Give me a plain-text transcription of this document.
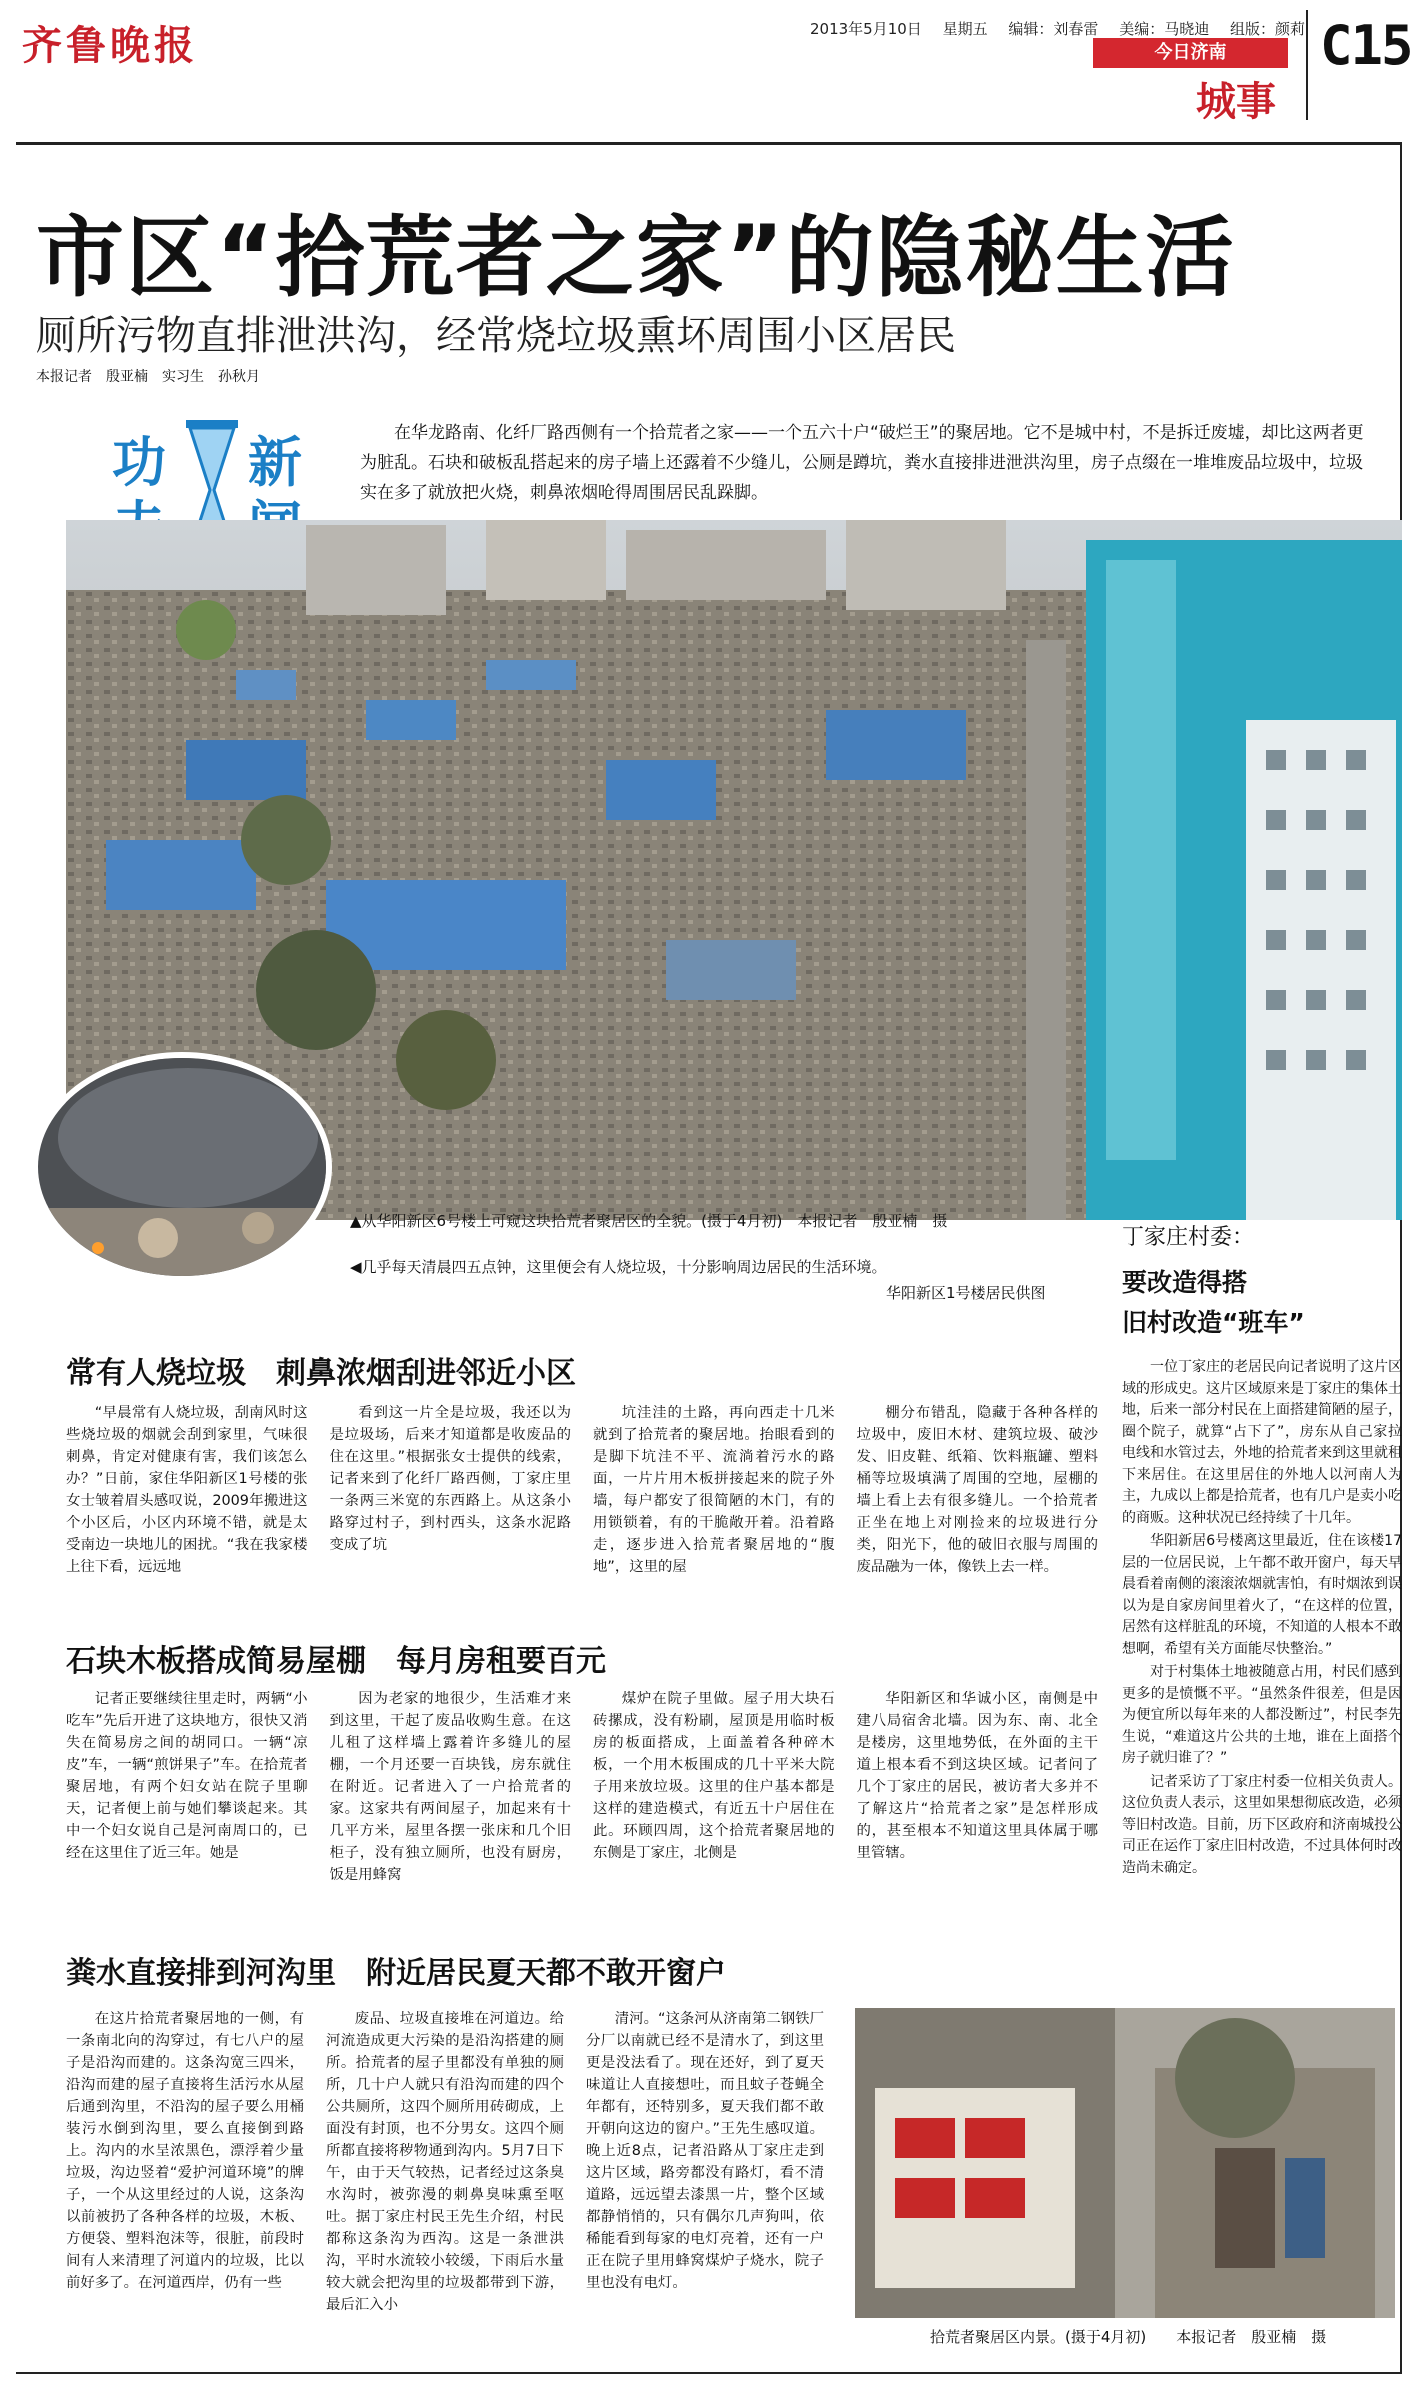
齐鲁晚报	2013年5月10日 星期五 编辑：刘春雷 美编：马晓迪 组版：颜莉
今日济南
城事
C15
市区“拾荒者之家”的隐秘生活
厕所污物直排泄洪沟，经常烧垃圾熏坏周围小区居民
本报记者　殷亚楠　实习生　孙秋月
功 新	在华龙路南、化纤厂路西侧有一个拾荒者之家——一个五六十户“破烂王”的聚居地。它不是城中村，不是拆迁废墟，却比这两者更为脏乱。石块和破板乱搭起来的房子墙上还露着不少缝儿，公厕是蹲坑，粪水直接排进泄洪沟里，房子点缀在一堆堆废品垃圾中，垃圾实在多了就放把火烧，刺鼻浓烟呛得周围居民乱跺脚。
▲从华阳新区6号楼上可窥这块拾荒者聚居区的全貌。(摄于4月初)　本报记者　殷亚楠　摄
◀几乎每天清晨四五点钟，这里便会有人烧垃圾，十分影响周边居民的生活环境。
华阳新区1号楼居民供图
丁家庄村委：
要改造得搭
旧村改造“班车”

一位丁家庄的老居民向记者说明了这片区域的形成史。这片区域原来是丁家庄的集体土地，后来一部分村民在上面搭建简陋的屋子，圈个院子，就算“占下了”，房东从自己家拉电线和水管过去，外地的拾荒者来到这里就租下来居住。在这里居住的外地人以河南人为主，九成以上都是拾荒者，也有几户是卖小吃的商贩。这种状况已经持续了十几年。

华阳新居6号楼离这里最近，住在该楼17层的一位居民说，上午都不敢开窗户，每天早晨看着南侧的滚滚浓烟就害怕，有时烟浓到误以为是自家房间里着火了，“在这样的位置，居然有这样脏乱的环境，不知道的人根本不敢想啊，希望有关方面能尽快整治。”

对于村集体土地被随意占用，村民们感到更多的是愤慨不平。“虽然条件很差，但是因为便宜所以每年来的人都没断过”，村民李先生说，“难道这片公共的土地，谁在上面搭个房子就归谁了？”

记者采访了丁家庄村委一位相关负责人。这位负责人表示，这里如果想彻底改造，必须等旧村改造。目前，历下区政府和济南城投公司正在运作丁家庄旧村改造，不过具体何时改造尚未确定。

常有人烧垃圾　刺鼻浓烟刮进邻近小区

“早晨常有人烧垃圾，刮南风时这些烧垃圾的烟就会刮到家里，气味很刺鼻，肯定对健康有害，我们该怎么办？”日前，家住华阳新区1号楼的张女士皱着眉头感叹说，2009年搬进这个小区后，小区内环境不错，就是太受南边一块地儿的困扰。“我在我家楼上往下看，远远地

看到这一片全是垃圾，我还以为是垃圾场，后来才知道都是收废品的住在这里。”根据张女士提供的线索，记者来到了化纤厂路西侧，丁家庄里一条两三米宽的东西路上。从这条小路穿过村子，到村西头，这条水泥路变成了坑

坑洼洼的土路，再向西走十几米就到了拾荒者的聚居地。抬眼看到的是脚下坑洼不平、流淌着污水的路面，一片片用木板拼接起来的院子外墙，每户都安了很简陋的木门，有的用锁锁着，有的干脆敞开着。沿着路走，逐步进入拾荒者聚居地的“腹地”，这里的屋

棚分布错乱，隐藏于各种各样的垃圾中，废旧木材、建筑垃圾、破沙发、旧皮鞋、纸箱、饮料瓶罐、塑料桶等垃圾填满了周围的空地，屋棚的墙上看上去有很多缝儿。一个拾荒者正坐在地上对刚捡来的垃圾进行分类，阳光下，他的破旧衣服与周围的废品融为一体，像铁上去一样。

石块木板搭成简易屋棚　每月房租要百元

记者正要继续往里走时，两辆“小吃车”先后开进了这块地方，很快又消失在简易房之间的胡同口。一辆“凉皮”车，一辆“煎饼果子”车。在拾荒者聚居地，有两个妇女站在院子里聊天，记者便上前与她们攀谈起来。其中一个妇女说自己是河南周口的，已经在这里住了近三年。她是

因为老家的地很少，生活难才来到这里，干起了废品收购生意。在这儿租了这样墙上露着许多缝儿的屋棚，一个月还要一百块钱，房东就住在附近。记者进入了一户拾荒者的家。这家共有两间屋子，加起来有十几平方米，屋里各摆一张床和几个旧柜子，没有独立厕所，也没有厨房，饭是用蜂窝

煤炉在院子里做。屋子用大块石砖摞成，没有粉刷，屋顶是用临时板房的板面搭成，上面盖着各种碎木板，一个用木板围成的几十平米大院子用来放垃圾。这里的住户基本都是这样的建造模式，有近五十户居住在此。环顾四周，这个拾荒者聚居地的东侧是丁家庄，北侧是

华阳新区和华诚小区，南侧是中建八局宿舍北墙。因为东、南、北全是楼房，这里地势低，在外面的主干道上根本看不到这块区域。记者问了几个丁家庄的居民，被访者大多并不了解这片“拾荒者之家”是怎样形成的，甚至根本不知道这里具体属于哪里管辖。

粪水直接排到河沟里　附近居民夏天都不敢开窗户

在这片拾荒者聚居地的一侧，有一条南北向的沟穿过，有七八户的屋子是沿沟而建的。这条沟宽三四米，沿沟而建的屋子直接将生活污水从屋后通到沟里，不沿沟的屋子要么用桶装污水倒到沟里，要么直接倒到路上。沟内的水呈浓黑色，漂浮着少量垃圾，沟边竖着“爱护河道环境”的牌子，一个从这里经过的人说，这条沟以前被扔了各种各样的垃圾，木板、方便袋、塑料泡沫等，很脏，前段时间有人来清理了河道内的垃圾，比以前好多了。在河道西岸，仍有一些

废品、垃圾直接堆在河道边。给河流造成更大污染的是沿沟搭建的厕所。拾荒者的屋子里都没有单独的厕所，几十户人就只有沿沟而建的四个公共厕所，这四个厕所用砖砌成，上面没有封顶，也不分男女。这四个厕所都直接将秽物通到沟内。5月7日下午，由于天气较热，记者经过这条臭水沟时，被弥漫的刺鼻臭味熏至呕吐。据丁家庄村民王先生介绍，村民都称这条沟为西沟。这是一条泄洪沟，平时水流较小较缓，下雨后水量较大就会把沟里的垃圾都带到下游，最后汇入小

清河。“这条河从济南第二钢铁厂分厂以南就已经不是清水了，到这里更是没法看了。现在还好，到了夏天味道让人直接想吐，而且蚊子苍蝇全年都有，还特别多，夏天我们都不敢开朝向这边的窗户。”王先生感叹道。晚上近8点，记者沿路从丁家庄走到这片区域，路旁都没有路灯，看不清道路，远远望去漆黑一片，整个区域都静悄悄的，只有偶尔几声狗叫，依稀能看到每家的电灯亮着，还有一户正在院子里用蜂窝煤炉子烧水，院子里也没有电灯。

拾荒者聚居区内景。(摄于4月初)　　本报记者　殷亚楠　摄
